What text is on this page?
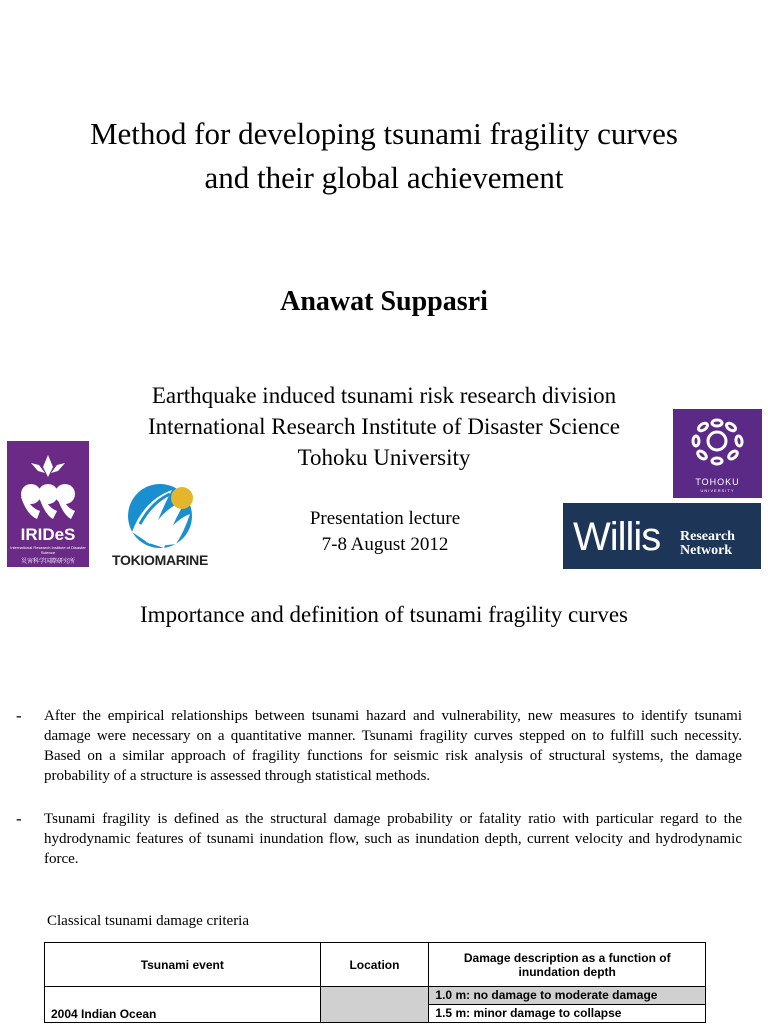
Method for developing tsunami fragility curves
and their global achievement
Anawat Suppasri
Earthquake induced tsunami risk research division
International Research Institute of Disaster Science
Tohoku University
IRIDeS
International Research Institute of Disaster Science
災害科学国際研究所	TOKIOMARINE
Presentation lecture
7-8 August 2012
TOHOKU
UNIVERSITY
Willis Research
Network
Importance and definition of tsunami fragility curves
- After the empirical relationships between tsunami hazard and vulnerability, new measures to identify tsunami damage were necessary on a quantitative manner. Tsunami fragility curves stepped on to fulfill such necessity. Based on a similar approach of fragility functions for seismic risk analysis of structural systems, the damage probability of a structure is assessed through statistical methods.
- Tsunami fragility is defined as the structural damage probability or fatality ratio with particular regard to the hydrodynamic features of tsunami inundation flow, such as inundation depth, current velocity and hydrodynamic force.
Classical tsunami damage criteria
Tsunami event	Location	Damage description as a function of inundation depth
2004 Indian Ocean		1.0 m: no damage to moderate damage
		1.5 m: minor damage to collapse
